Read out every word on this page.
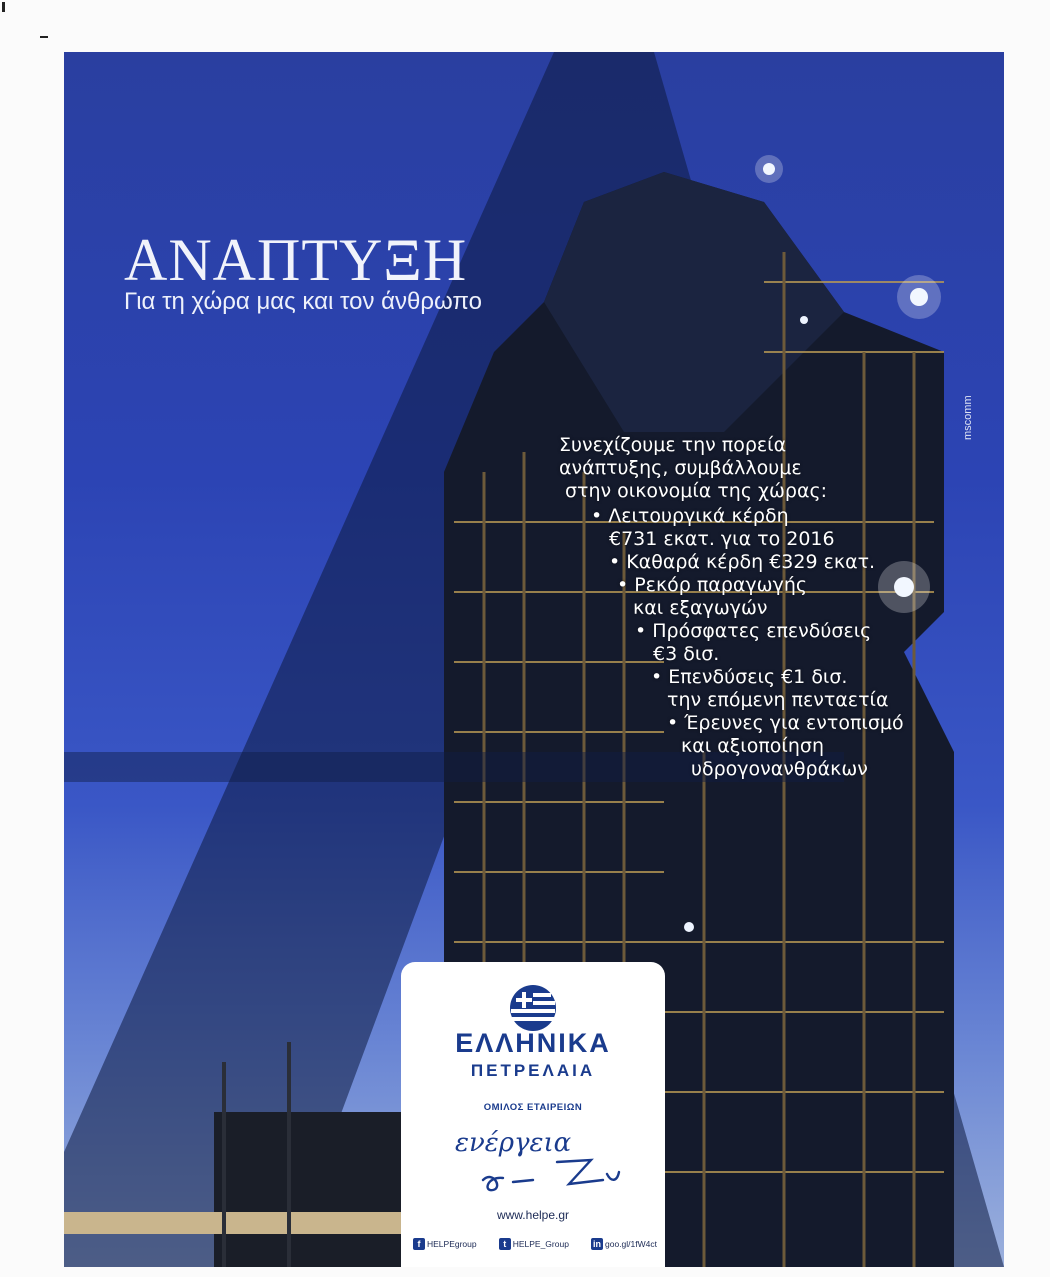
ΑΝΑΠΤΥΞΗ

Για τη χώρα μας και τον άνθρωπο

Συνεχίζουμε την πορεία
ανάπτυξης, συμβάλλουμε
στην οικονομία της χώρας:
• Λειτουργικά κέρδη
€731 εκατ. για το 2016
• Καθαρά κέρδη €329 εκατ.
• Ρεκόρ παραγωγής
και εξαγωγών
• Πρόσφατες επενδύσεις
€3 δισ.
• Επενδύσεις €1 δισ.
την επόμενη πενταετία
• Έρευνες για εντοπισμό
και αξιοποίηση
υδρογονανθράκων
mscomm
ΕΛΛΗΝΙΚΑ
ΠΕΤΡΕΛΑΙΑ
ΟΜΙΛΟΣ ΕΤΑΙΡΕΙΩΝ
ενέργεια
www.helpe.gr
f HELPEgroup	t HELPE_Group	in goo.gl/1fW4ct
